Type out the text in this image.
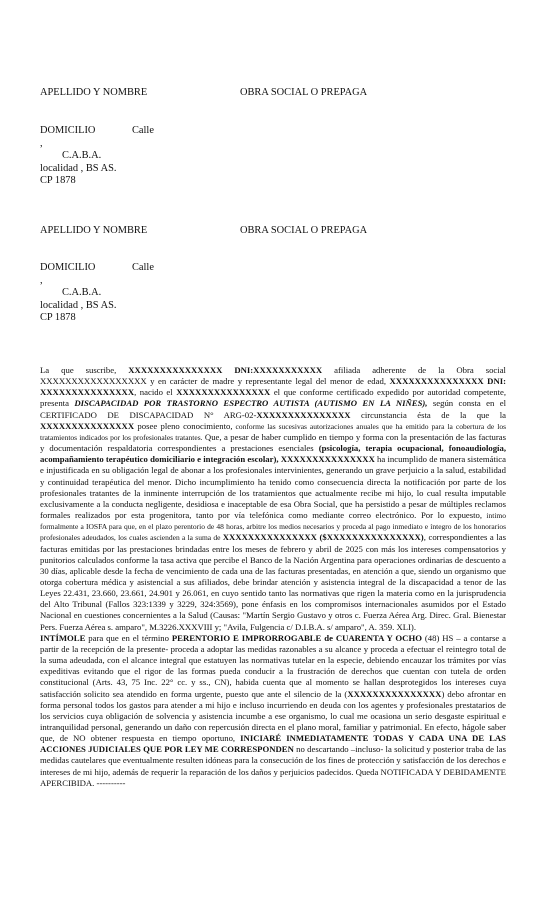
APELLIDO Y NOMBRE	OBRA SOCIAL O PREPAGA
DOMICILIO	Calle
,
C.A.B.A.
localidad , BS AS.
CP 1878
APELLIDO Y NOMBRE	OBRA SOCIAL O PREPAGA
DOMICILIO	Calle
,
C.A.B.A.
localidad , BS AS.
CP 1878

La que suscribe, XXXXXXXXXXXXXXX DNI:XXXXXXXXXXX afiliada adherente de la Obra social XXXXXXXXXXXXXXXXX y en carácter de madre y representante legal del menor de edad, XXXXXXXXXXXXXXX DNI: XXXXXXXXXXXXXXX, nacido el XXXXXXXXXXXXXXX el que conforme certificado expedido por autoridad competente, presenta DISCAPACIDAD POR TRASTORNO ESPECTRO AUTISTA (AUTISMO EN LA NIÑES), según consta en el CERTIFICADO DE DISCAPACIDAD N° ARG-02-XXXXXXXXXXXXXXX circunstancia ésta de la que la XXXXXXXXXXXXXXX posee pleno conocimiento, conforme las sucesivas autorizaciones anuales que ha emitido para la cobertura de los tratamientos indicados por los profesionales tratantes. Que, a pesar de haber cumplido en tiempo y forma con la presentación de las facturas y documentación respaldatoria correspondientes a prestaciones esenciales (psicología, terapia ocupacional, fonoaudiología, acompañamiento terapéutico domiciliario e integración escolar), XXXXXXXXXXXXXXX ha incumplido de manera sistemática e injustificada en su obligación legal de abonar a los profesionales intervinientes, generando un grave perjuicio a la salud, estabilidad y continuidad terapéutica del menor. Dicho incumplimiento ha tenido como consecuencia directa la notificación por parte de los profesionales tratantes de la inminente interrupción de los tratamientos que actualmente recibe mi hijo, lo cual resulta imputable exclusivamente a la conducta negligente, desidiosa e inaceptable de esa Obra Social, que ha persistido a pesar de múltiples reclamos formales realizados por esta progenitora, tanto por vía telefónica como mediante correo electrónico. Por lo expuesto, intimo formalmente a IOSFA para que, en el plazo perentorio de 48 horas, arbitre los medios necesarios y proceda al pago inmediato e íntegro de los honorarios profesionales adeudados, los cuales ascienden a la suma de XXXXXXXXXXXXXXX ($XXXXXXXXXXXXXXX), correspondientes a las facturas emitidas por las prestaciones brindadas entre los meses de febrero y abril de 2025 con más los intereses compensatorios y punitorios calculados conforme la tasa activa que percibe el Banco de la Nación Argentina para operaciones ordinarias de descuento a 30 días, aplicable desde la fecha de vencimiento de cada una de las facturas presentadas, en atención a que, siendo un organismo que otorga cobertura médica y asistencial a sus afiliados, debe brindar atención y asistencia integral de la discapacidad a tenor de las Leyes 22.431, 23.660, 23.661, 24.901 y 26.061, en cuyo sentido tanto las normativas que rigen la materia como en la jurisprudencia del Alto Tribunal (Fallos 323:1339 y 3229, 324:3569), pone énfasis en los compromisos internacionales asumidos por el Estado Nacional en cuestiones concernientes a la Salud (Causas: "Martín Sergio Gustavo y otros c. Fuerza Aérea Arg. Direc. Gral. Bienestar Pers. Fuerza Aérea s. amparo", M.3226.XXXVIII y; "Avila, Fulgencia c/ D.I.B.A. s/ amparo", A. 359. XLI).

INTÍMOLE para que en el término PERENTORIO E IMPRORROGABLE de CUARENTA Y OCHO (48) HS – a contarse a partir de la recepción de la presente- proceda a adoptar las medidas razonables a su alcance y proceda a efectuar el reintegro total de la suma adeudada, con el alcance integral que estatuyen las normativas tutelar en la especie, debiendo encauzar los trámites por vías expeditivas evitando que el rigor de las formas pueda conducir a la frustración de derechos que cuentan con tutela de orden constitucional (Arts. 43, 75 Inc. 22° cc. y ss., CN), habida cuenta que al momento se hallan desprotegidos los intereses cuya satisfacción solicito sea atendido en forma urgente, puesto que ante el silencio de la (XXXXXXXXXXXXXXX) debo afrontar en forma personal todos los gastos para atender a mi hijo e incluso incurriendo en deuda con los agentes y profesionales prestatarios de los servicios cuya obligación de solvencia y asistencia incumbe a ese organismo, lo cual me ocasiona un serio desgaste espiritual e intranquilidad personal, generando un daño con repercusión directa en el plano moral, familiar y patrimonial. En efecto, hágole saber que, de NO obtener respuesta en tiempo oportuno, INICIARÉ INMEDIATAMENTE TODAS Y CADA UNA DE LAS ACCIONES JUDICIALES QUE POR LEY ME CORRESPONDEN no descartando –incluso- la solicitud y posterior traba de las medidas cautelares que eventualmente resulten idóneas para la consecución de los fines de protección y satisfacción de los derechos e intereses de mi hijo, además de requerir la reparación de los daños y perjuicios padecidos. Queda NOTIFICADA Y DEBIDAMENTE APERCIBIDA. ----------
